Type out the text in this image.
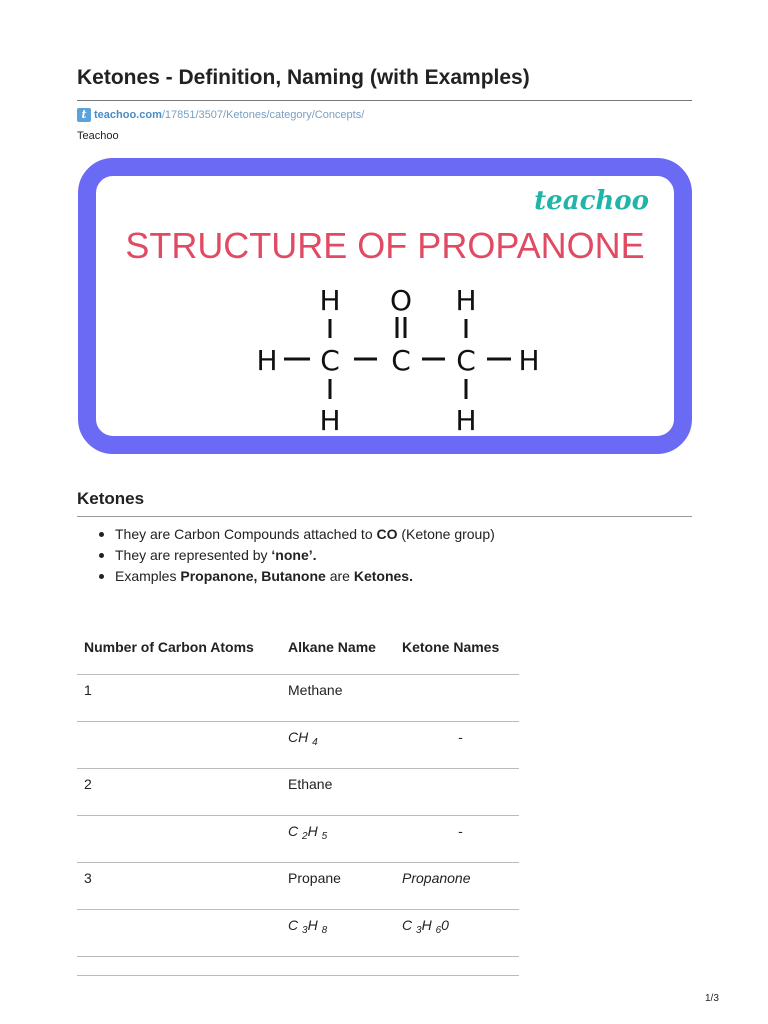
Ketones - Definition, Naming (with Examples)
t teachoo.com /17851/3507/Ketones/category/Concepts/
Teachoo
teachoo
STRUCTURE OF PROPANONE
H O H
H C C C H
H	H
Ketones
They are Carbon Compounds attached to CO (Ketone group)
They are represented by ‘none’.
Examples Propanone, Butanone are Ketones.
Number of Carbon Atoms	Alkane Name	Ketone Names
1	Methane	
	CH $_4$	-
2	Ethane	
	C $_2$H $_5$	-
3	Propane	Propanone
	C $_3$H $_8$	C $_3$H $_6$0

1/3
